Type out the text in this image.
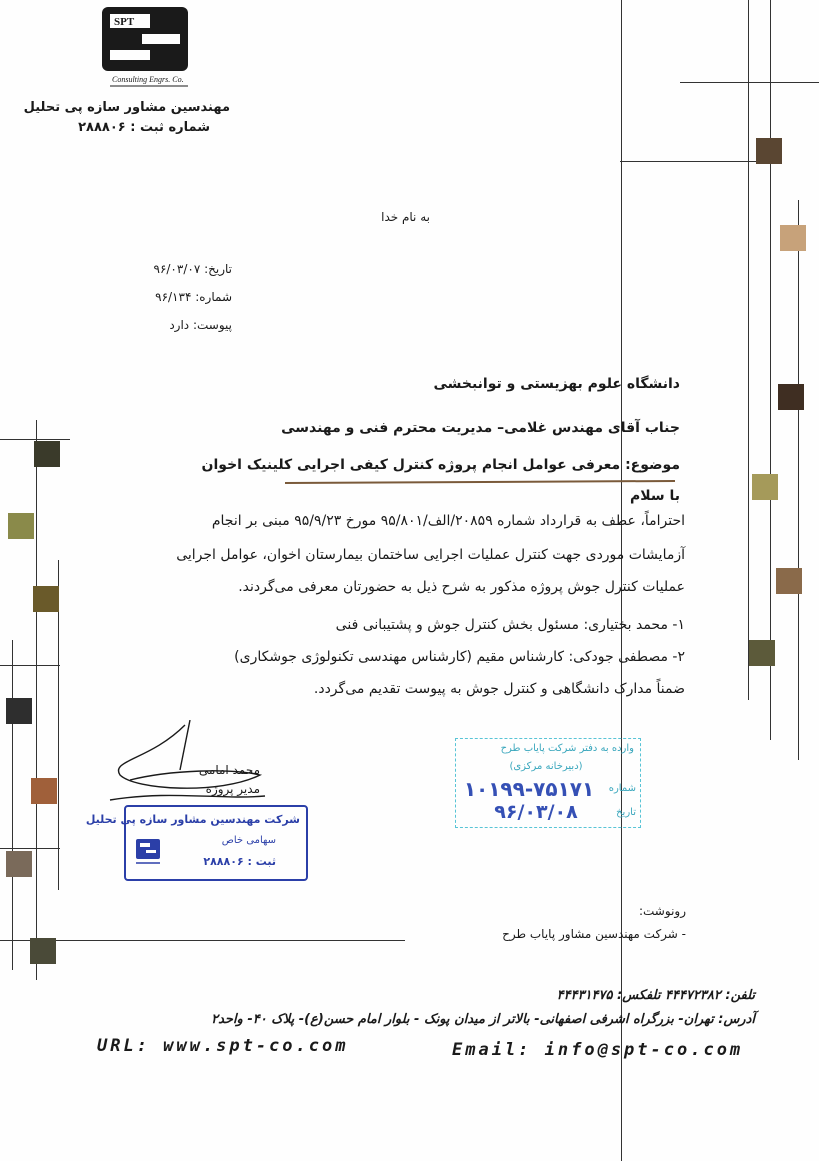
SPT
Consulting Engrs. Co.
مهندسین مشاور سازه پی تحلیل
شماره ثبت : ۲۸۸۸۰۶
به نام خدا
تاریخ: ۹۶/۰۳/۰۷
شماره: ۹۶/۱۳۴
پیوست: دارد
دانشگاه علوم بهزیستی و توانبخشی
جناب آقای مهندس غلامی– مدیریت محترم فنی و مهندسی
موضوع: معرفی عوامل انجام پروژه کنترل کیفی اجرایی کلینیک اخوان
با سلام
احتراماً، عطف به قرارداد شماره ۲۰۸۵۹/الف/۹۵/۸۰۱ مورخ ۹۵/۹/۲۳ مبنی بر انجام
آزمایشات موردی جهت کنترل عملیات اجرایی ساختمان بیمارستان اخوان، عوامل اجرایی
عملیات کنترل جوش پروژه مذکور به شرح ذیل به حضورتان معرفی می‌گردند.
۱- محمد بختیاری: مسئول بخش کنترل جوش و پشتیبانی فنی
۲- مصطفی جودکی: کارشناس مقیم (کارشناس مهندسی تکنولوژی جوشکاری)
ضمناً مدارک دانشگاهی و کنترل جوش به پیوست تقدیم می‌گردد.
محمد امامی
مدیر پروژه
شرکت مهندسین مشاور سازه پی تحلیل
سهامی خاص
ثبت : ۲۸۸۸۰۶
وارده به دفتر شرکت پایاب طرح
(دبیرخانه مرکزی)
شماره
۱۰۱۹۹-۷۵۱۷۱
تاریخ
۹۶/۰۳/۰۸
رونوشت:
- شرکت مهندسین مشاور پایاب طرح
تلفن: ۴۴۴۷۲۳۸۲ تلفکس: ۴۴۴۳۱۴۷۵
آدرس: تهران- بزرگراه اشرفی اصفهانی- بالاتر از میدان پونک - بلوار امام حسن(ع)- پلاک ۴۰- واحد۲
URL: www.spt-co.com	Email: info@spt-co.com
